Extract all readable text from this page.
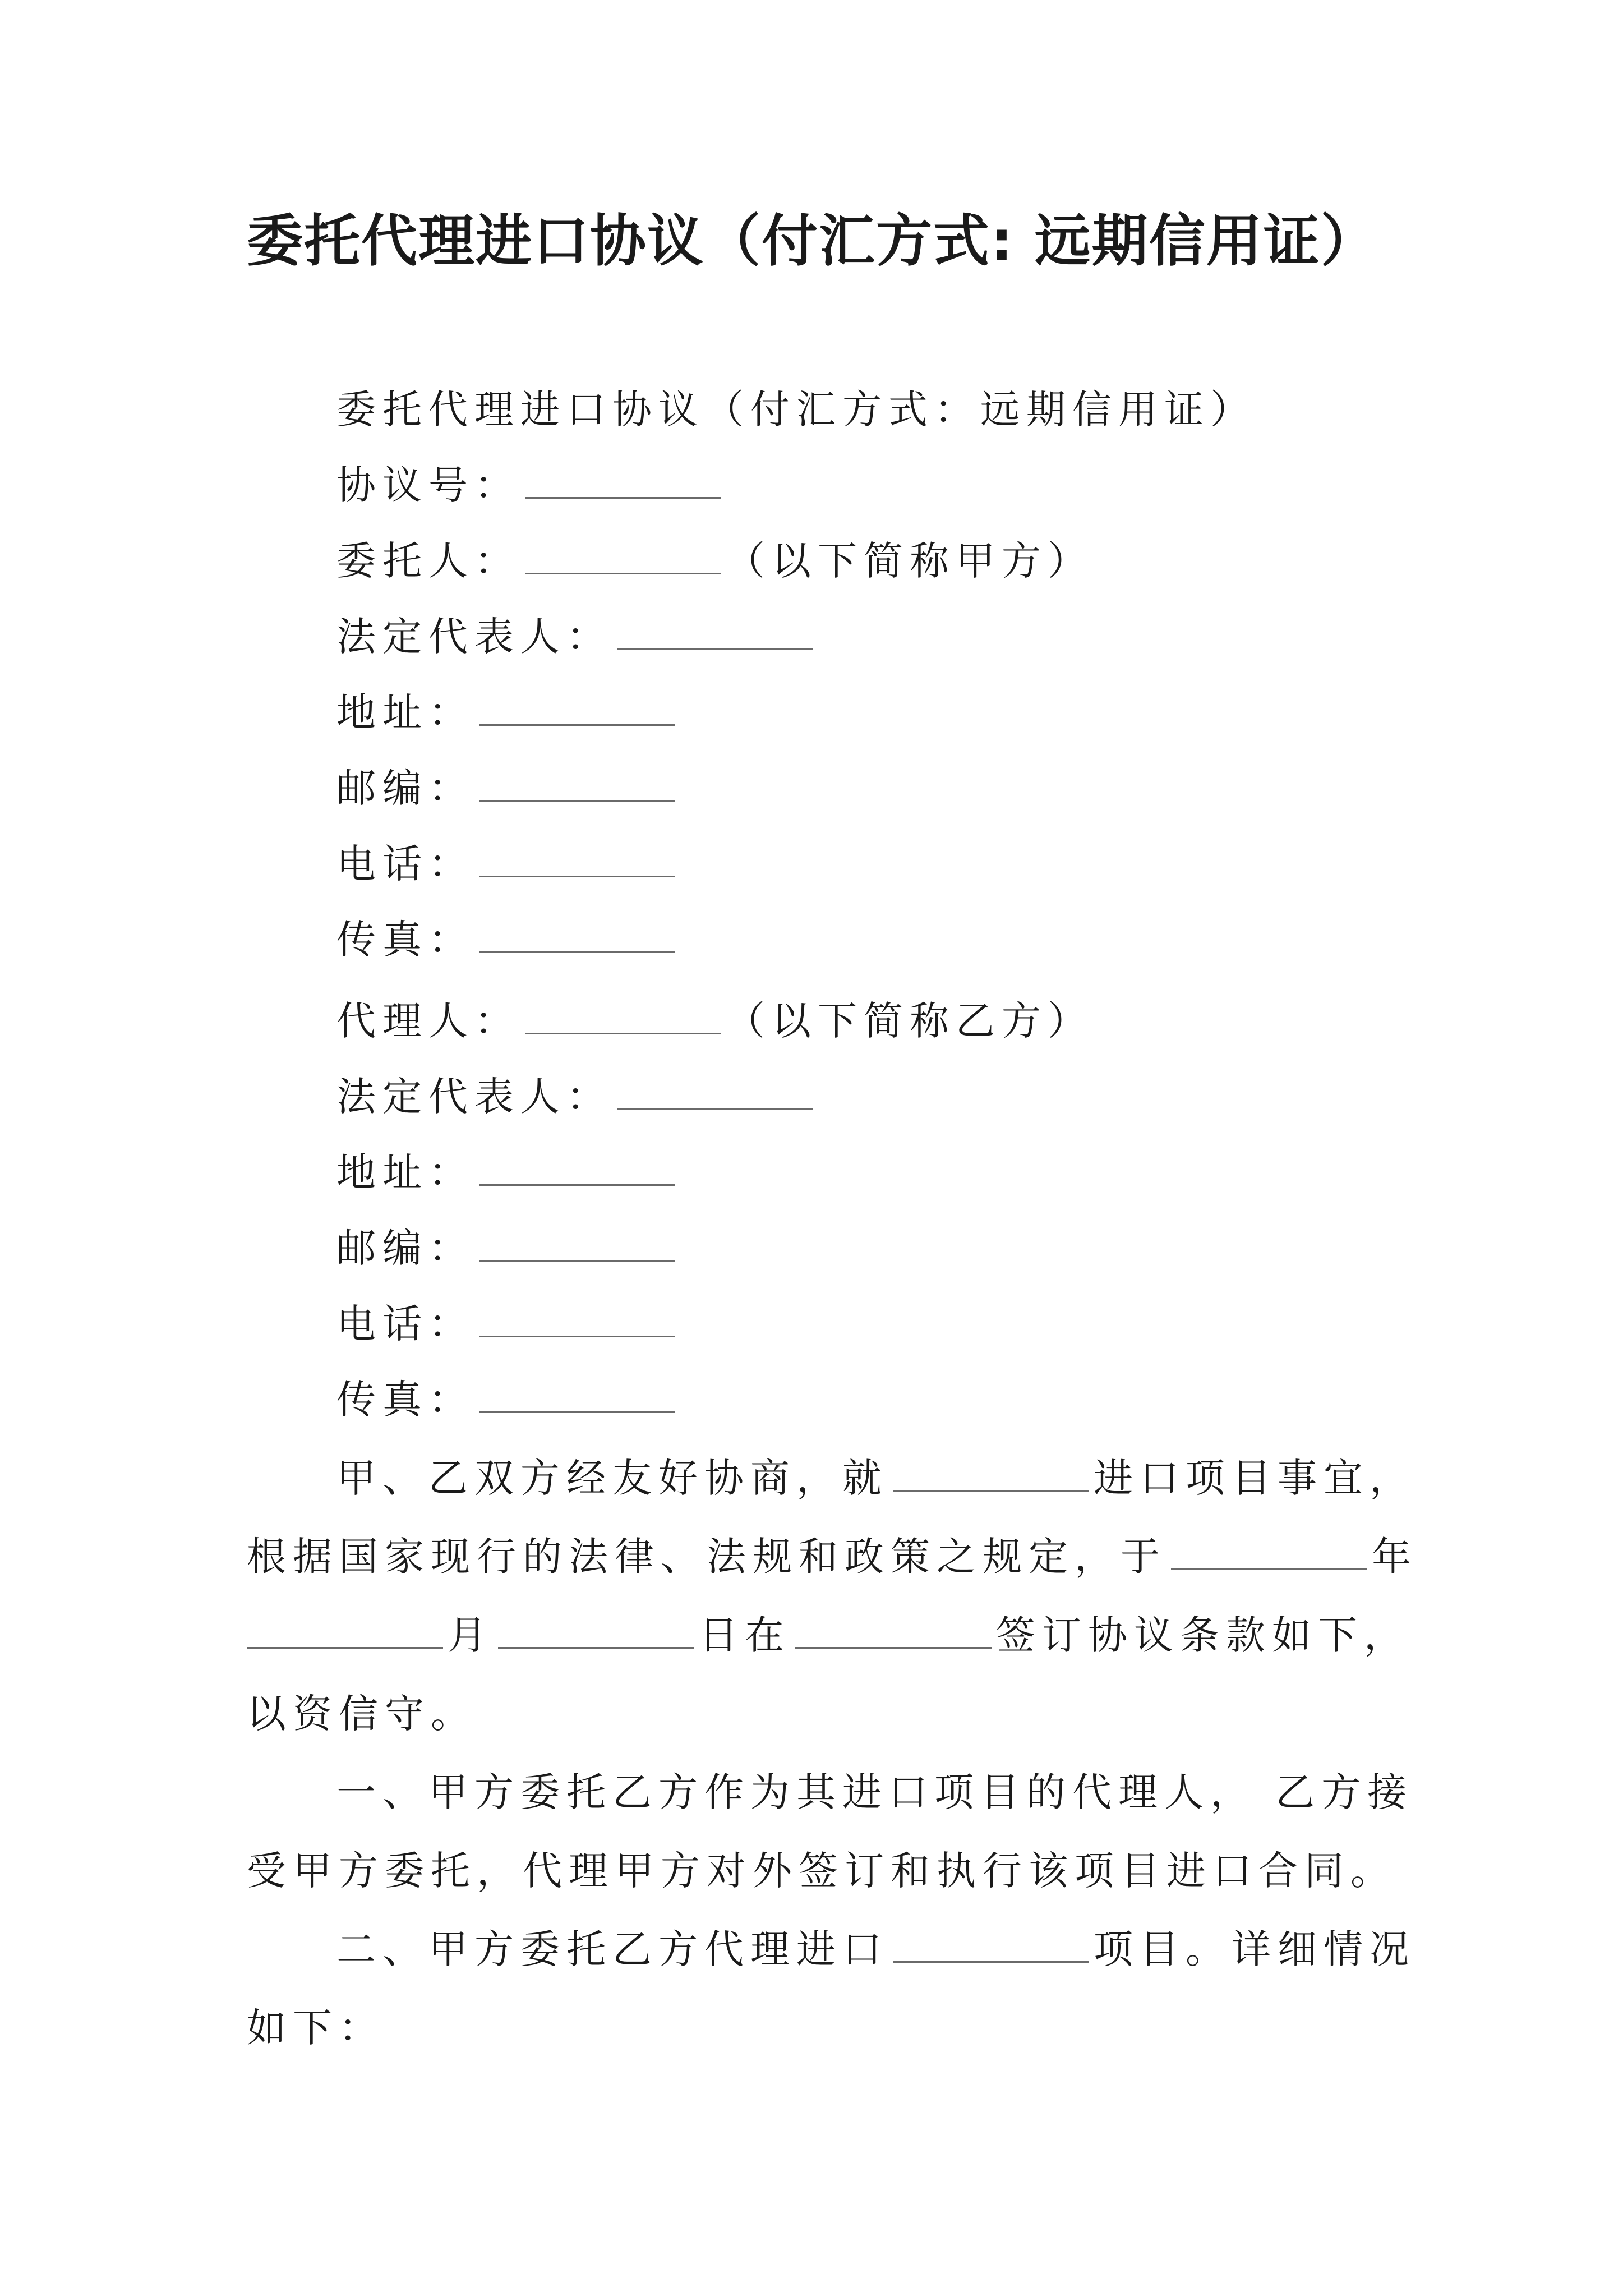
委托代理进口协议（付汇方式: 远期信用证）
委托代理进口协议（付汇方式：远期信用证）
协议号：
委托人：	（以下简称甲方）
法定代表人：
地址：
邮编：
电话：
传真：
代理人：	（以下简称乙方）
法定代表人：
地址：
邮编：
电话：
传真：
甲、乙双方经友好协商，就	进口项目事宜，
根据国家现行的法律、法规和政策之规定，于	年
月	日在	签订协议条款如下，
以资信守。
一、甲方委托乙方作为其进口项目的代理人， 乙方接
受甲方委托，代理甲方对外签订和执行该项目进口合同。
二、甲方委托乙方代理进口	项目。详细情况
如下：
